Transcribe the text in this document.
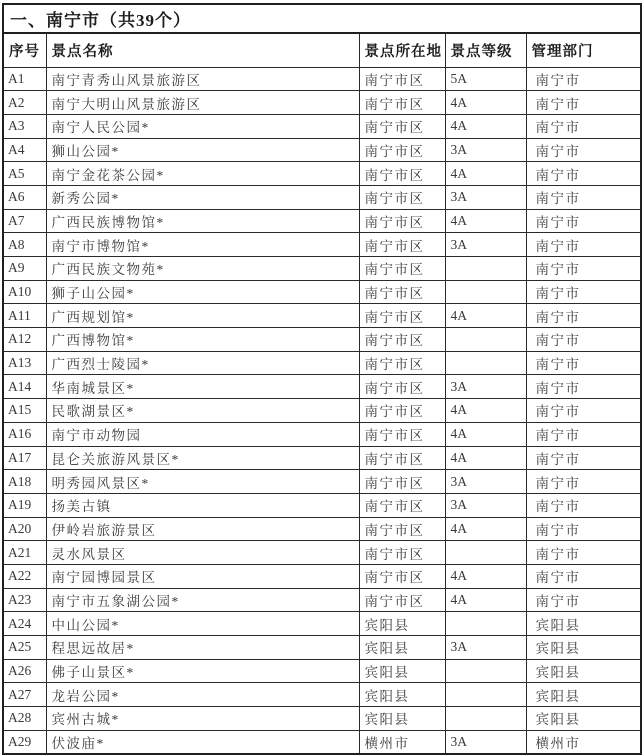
一、南宁市（共39个）				
序号	景点名称	景点所在地	景点等级	管理部门
A1	南宁青秀山风景旅游区	南宁市区	5A	南宁市
A2	南宁大明山风景旅游区	南宁市区	4A	南宁市
A3	南宁人民公园*	南宁市区	4A	南宁市
A4	狮山公园*	南宁市区	3A	南宁市
A5	南宁金花茶公园*	南宁市区	4A	南宁市
A6	新秀公园*	南宁市区	3A	南宁市
A7	广西民族博物馆*	南宁市区	4A	南宁市
A8	南宁市博物馆*	南宁市区	3A	南宁市
A9	广西民族文物苑*	南宁市区		南宁市
A10	狮子山公园*	南宁市区		南宁市
A11	广西规划馆*	南宁市区	4A	南宁市
A12	广西博物馆*	南宁市区		南宁市
A13	广西烈士陵园*	南宁市区		南宁市
A14	华南城景区*	南宁市区	3A	南宁市
A15	民歌湖景区*	南宁市区	4A	南宁市
A16	南宁市动物园	南宁市区	4A	南宁市
A17	昆仑关旅游风景区*	南宁市区	4A	南宁市
A18	明秀园风景区*	南宁市区	3A	南宁市
A19	扬美古镇	南宁市区	3A	南宁市
A20	伊岭岩旅游景区	南宁市区	4A	南宁市
A21	灵水风景区	南宁市区		南宁市
A22	南宁园博园景区	南宁市区	4A	南宁市
A23	南宁市五象湖公园*	南宁市区	4A	南宁市
A24	中山公园*	宾阳县		宾阳县
A25	程思远故居*	宾阳县	3A	宾阳县
A26	佛子山景区*	宾阳县		宾阳县
A27	龙岩公园*	宾阳县		宾阳县
A28	宾州古城*	宾阳县		宾阳县
A29	伏波庙*	横州市	3A	横州市
